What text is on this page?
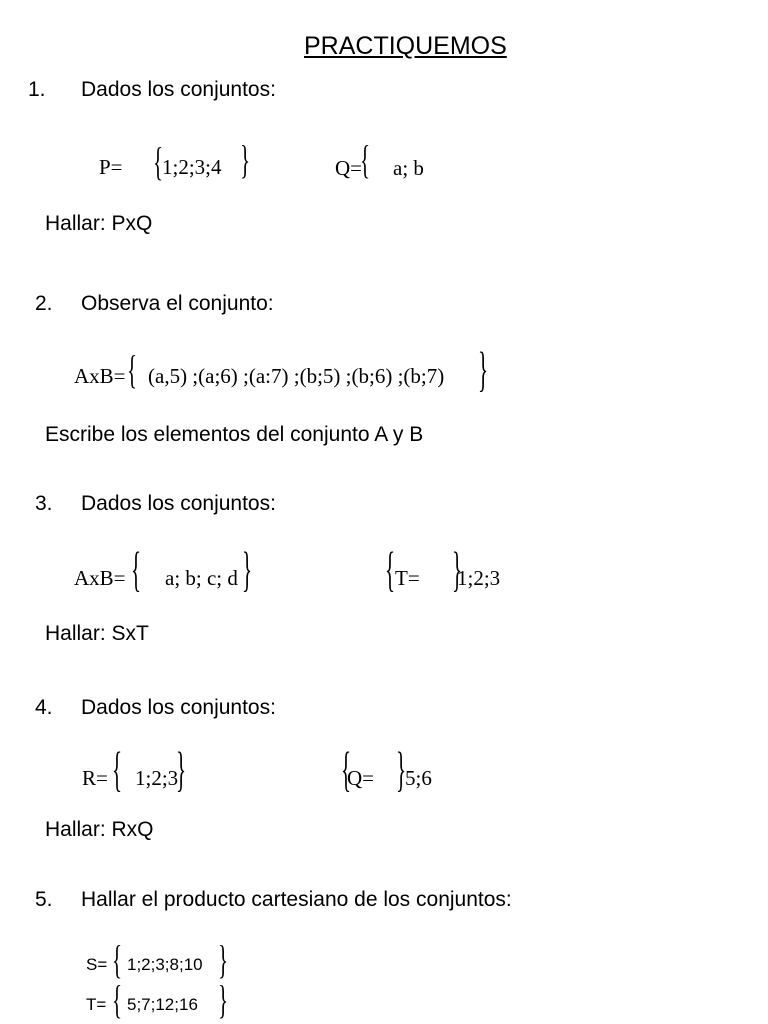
PRACTIQUEMOS
1. Dados los conjuntos:
P= {
1;2;3;4 }	Q=
{ a; b
Hallar: PxQ
2. Observa el conjunto:
AxB= { (a,5) ;(a;6) ;(a:7) ;(b;5) ;(b;6) ;(b;7) }
Escribe los elementos del conjunto A y B
3. Dados los conjuntos:
AxB= { a; b; c; d }	{ T= }
1;2;3
Hallar: SxT
4. Dados los conjuntos:
R= { 1;2;3
}	{
Q= }
5;6
Hallar: RxQ
5. Hallar el producto cartesiano de los conjuntos:
S= { 1;2;3;8;10 }
T= { 5;7;12;16 }
